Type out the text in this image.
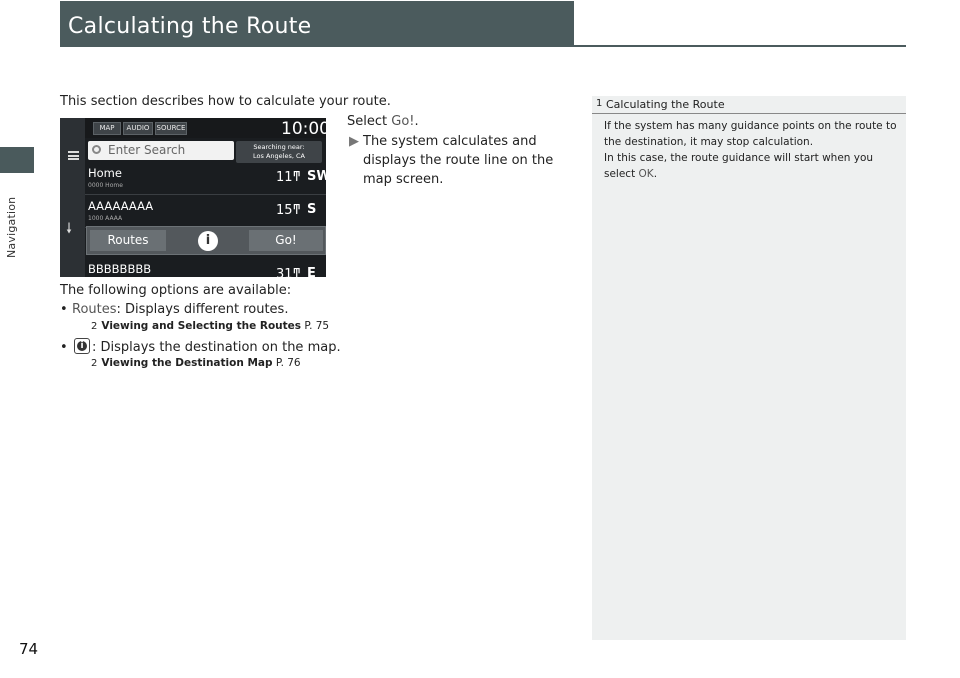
Navigation
74
Calculating the Route
This section describes how to calculate your route.
MAP	AUDIO	SOURCE	10:00
🠗
Enter Search	Searching near:
Los Angeles, CA
Home
0000 Home
11ͳ SW
AAAAAAAA
1000 AAAA
15ͳ S
BBBBBBBB	31ͳ E
Routes	i	Go!
Select Go!.
▶ The system calculates and displays the route line on the map screen.
The following options are available:
• Routes: Displays different routes.
2 Viewing and Selecting the Routes P. 75
•i : Displays the destination on the map.
2 Viewing the Destination Map P. 76
1 Calculating the Route
If the system has many guidance points on the route to the destination, it may stop calculation.
In this case, the route guidance will start when you select OK.
